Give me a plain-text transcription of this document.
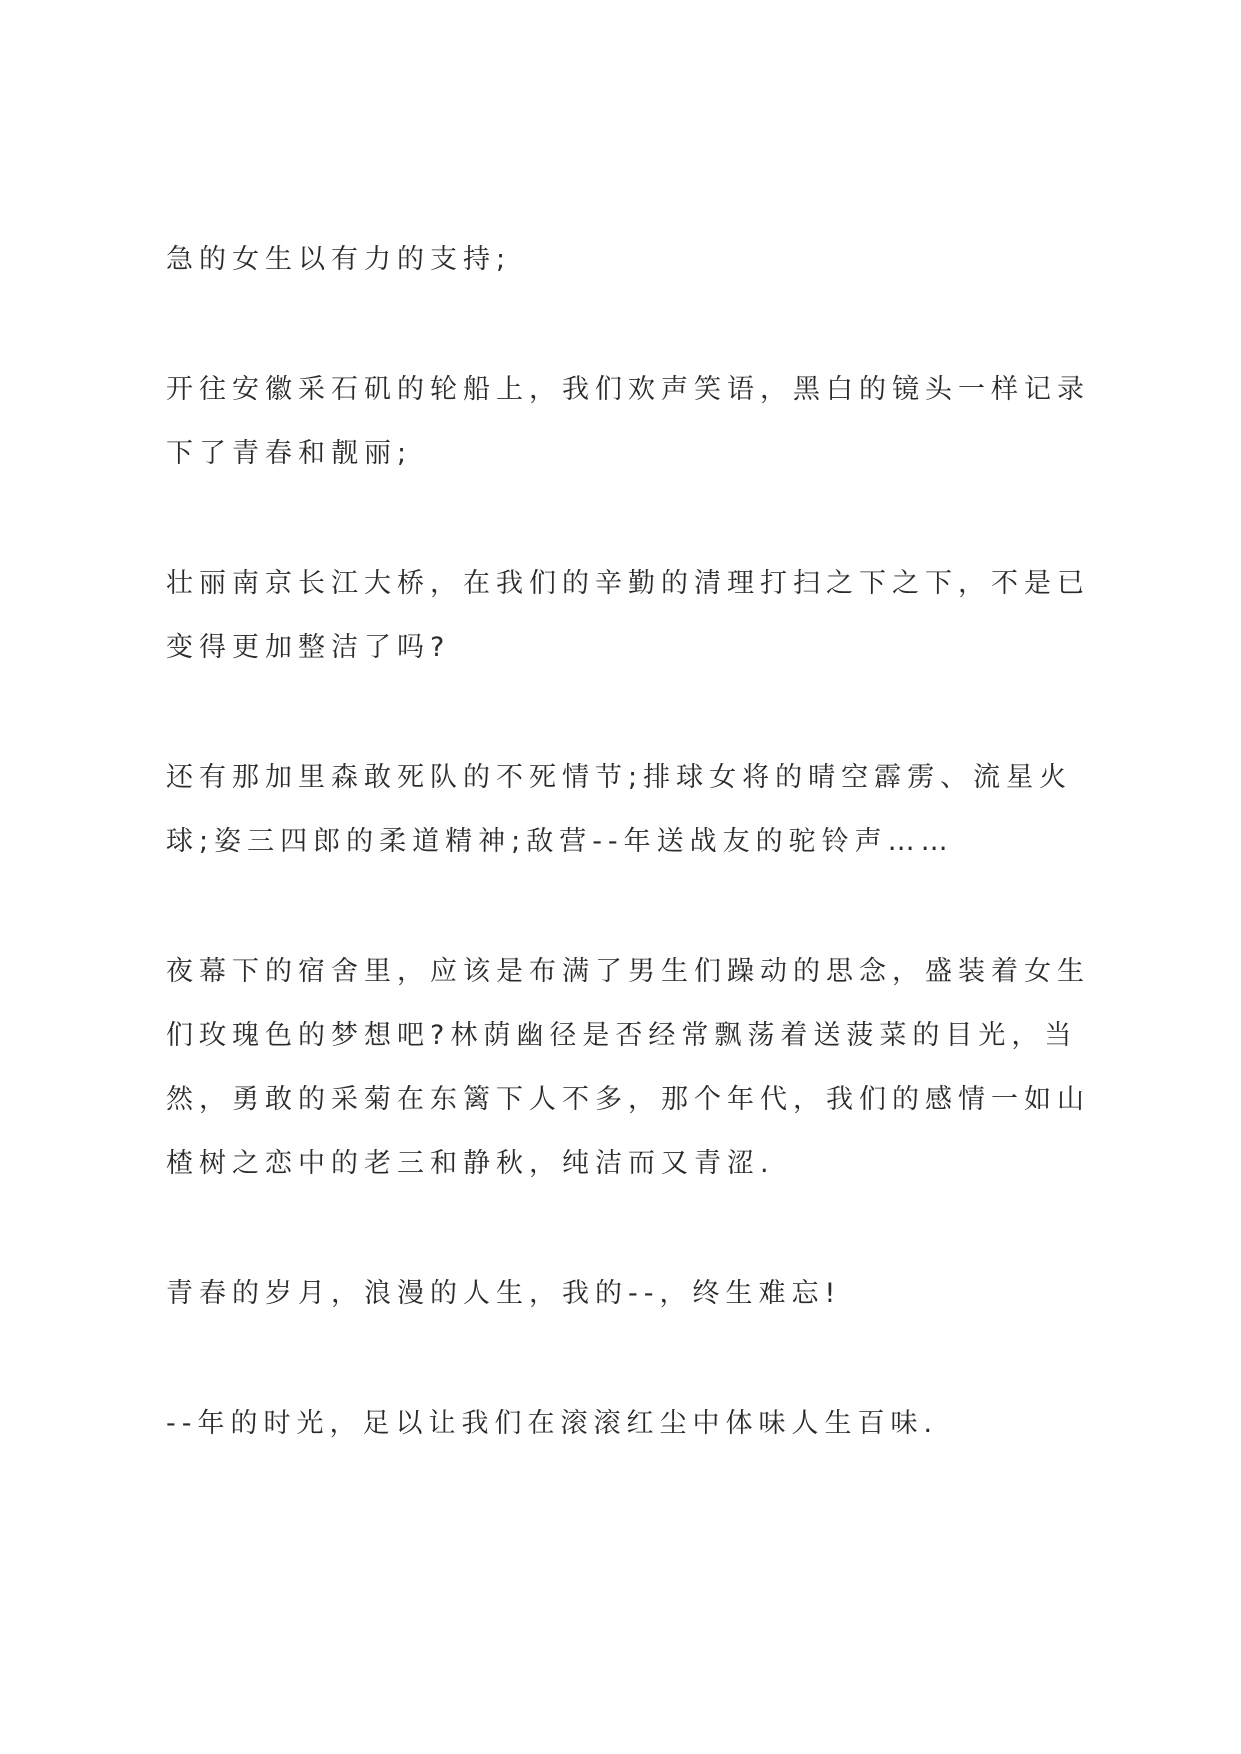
急的女生以有力的支持;

开往安徽采石矶的轮船上，我们欢声笑语，黑白的镜头一样记录下了青春和靓丽;

壮丽南京长江大桥，在我们的辛勤的清理打扫之下之下，不是已变得更加整洁了吗?

还有那加里森敢死队的不死情节;排球女将的晴空霹雳、流星火球;姿三四郎的柔道精神;敌营--年送战友的驼铃声……

夜幕下的宿舍里，应该是布满了男生们躁动的思念，盛装着女生们玫瑰色的梦想吧?林荫幽径是否经常飘荡着送菠菜的目光，当然，勇敢的采菊在东篱下人不多，那个年代，我们的感情一如山楂树之恋中的老三和静秋，纯洁而又青涩.

青春的岁月，浪漫的人生，我的--，终生难忘!

--年的时光，足以让我们在滚滚红尘中体味人生百味.
